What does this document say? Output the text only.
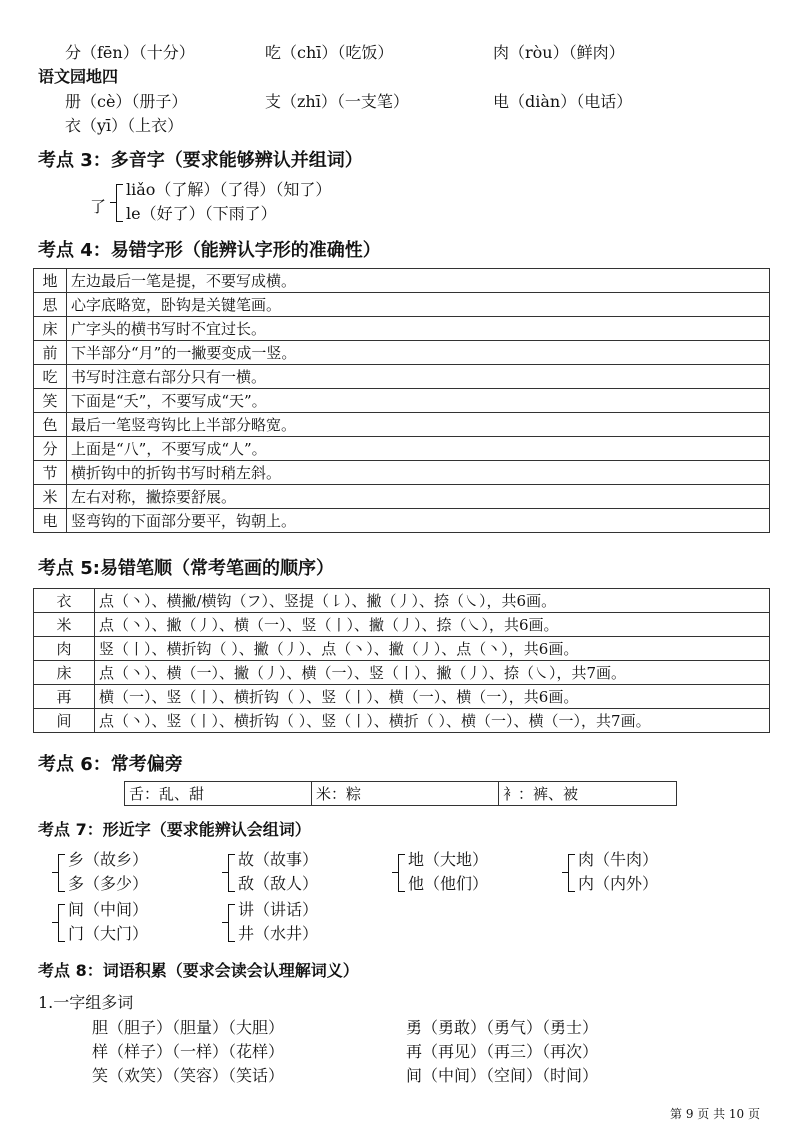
分（fēn）（十分）	吃（chī）（吃饭）	肉（ròu）（鲜肉）
语文园地四
册（cè）（册子）	支（zhī）（一支笔）	电（diàn）（电话）
衣（yī）（上衣）
考点 3：多音字（要求能够辨认并组词）
了
liǎo（了解）（了得）（知了）
le（好了）（下雨了）
考点 4：易错字形（能辨认字形的准确性）
地	左边最后一笔是提，不要写成横。
思	心字底略宽，卧钩是关键笔画。
床	广字头的横书写时不宜过长。
前	下半部分“月”的一撇要变成一竖。
吃	书写时注意右部分只有一横。
笑	下面是“夭”，不要写成“天”。
色	最后一笔竖弯钩比上半部分略宽。
分	上面是“八”，不要写成“人”。
节	横折钩中的折钩书写时稍左斜。
米	左右对称，撇捺要舒展。
电	竖弯钩的下面部分要平，钩朝上。
考点 5:易错笔顺（常考笔画的顺序）
衣	点（丶）、横撇/横钩（フ）、竖提（㇙）、撇（丿）、捺（㇏），共6画。
米	点（丶）、撇（丿）、横（一）、竖（丨）、撇（丿）、捺（㇏），共6画。
肉	竖（丨）、横折钩（ ）、撇（丿）、点（丶）、撇（丿）、点（丶），共6画。
床	点（丶）、横（一）、撇（丿）、横（一）、竖（丨）、撇（丿）、捺（㇏），共7画。
再	横（一）、竖（丨）、横折钩（ ）、竖（丨）、横（一）、横（一），共6画。
间	点（丶）、竖（丨）、横折钩（ ）、竖（丨）、横折（ ）、横（一）、横（一），共7画。
考点 6：常考偏旁
舌：乱、甜	米：粽	衤：裤、被
考点 7：形近字（要求能辨认会组词）
乡（故乡）
多（多少）
故（故事）
敌（敌人）
地（大地）
他（他们）
肉（牛肉）
内（内外）
间（中间）
门（大门）
讲（讲话）
井（水井）
考点 8：词语积累（要求会读会认理解词义）
1.一字组多词
胆（胆子）（胆量）（大胆）	勇（勇敢）（勇气）（勇士）
样（样子）（一样）（花样）	再（再见）（再三）（再次）
笑（欢笑）（笑容）（笑话）	间（中间）（空间）（时间）
第 9 页 共 10 页
